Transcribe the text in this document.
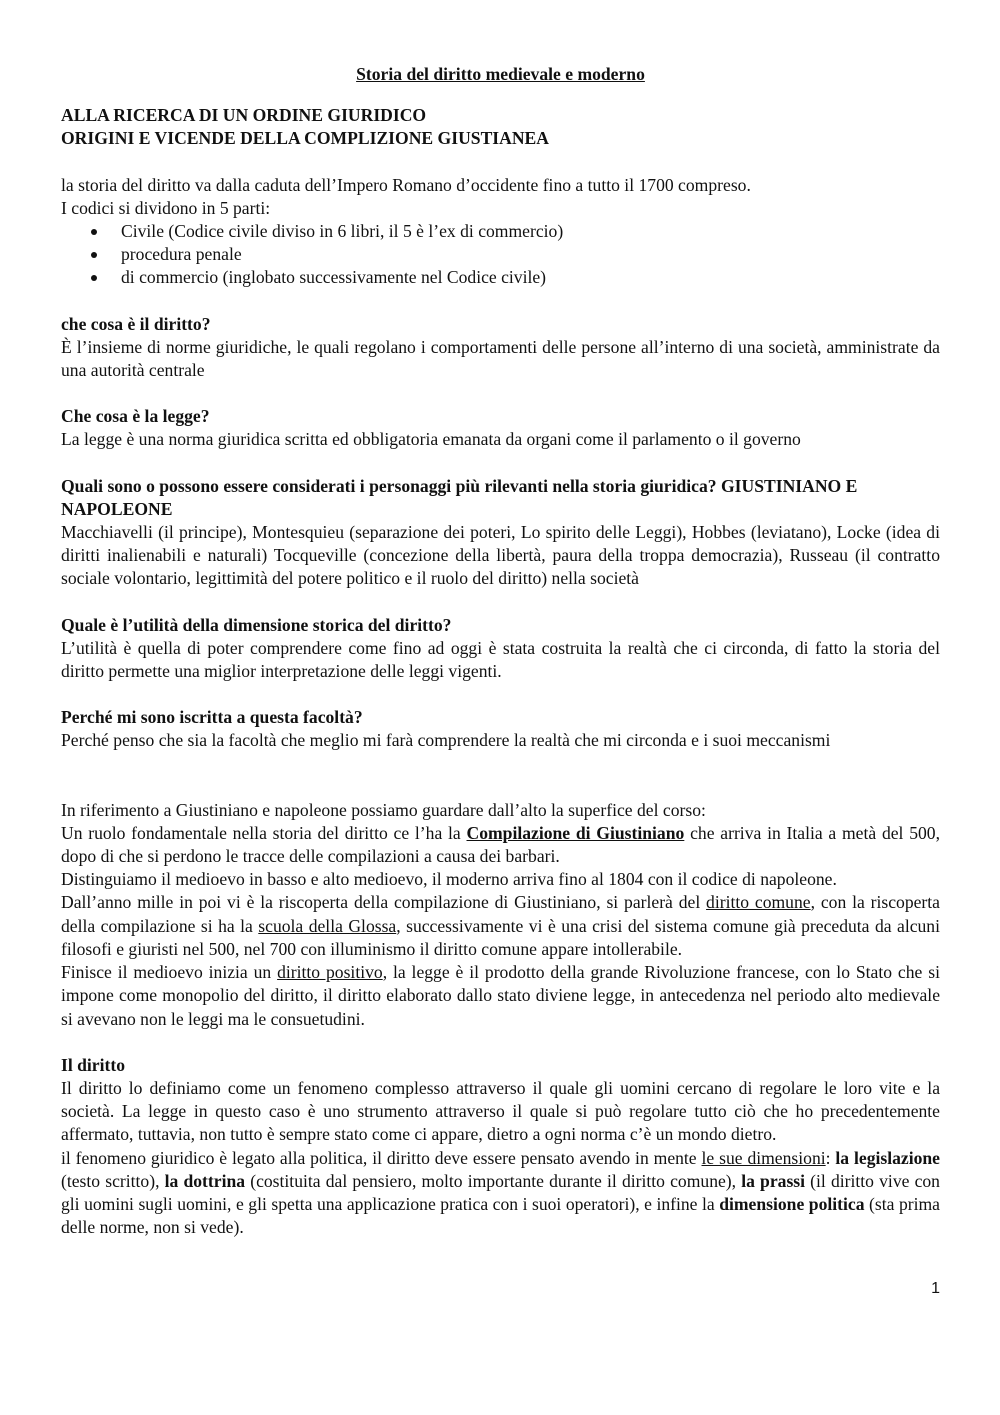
Storia del diritto medievale e moderno

ALLA RICERCA DI UN ORDINE GIURIDICO
ORIGINI E VICENDE DELLA COMPLIZIONE GIUSTIANEA

la storia del diritto va dalla caduta dell’Impero Romano d’occidente fino a tutto il 1700 compreso.

I codici si dividono in 5 parti:

Civile (Codice civile diviso in 6 libri, il 5 è l’ex di commercio)
procedura penale
di commercio (inglobato successivamente nel Codice civile)

che cosa è il diritto?

È l’insieme di norme giuridiche, le quali regolano i comportamenti delle persone all’interno di una società, amministrate da una autorità centrale

Che cosa è la legge?

La legge è una norma giuridica scritta ed obbligatoria emanata da organi come il parlamento o il governo

Quali sono o possono essere considerati i personaggi più rilevanti nella storia giuridica? GIUSTINIANO E NAPOLEONE

Macchiavelli (il principe), Montesquieu (separazione dei poteri, Lo spirito delle Leggi), Hobbes (leviatano), Locke (idea di diritti inalienabili e naturali) Tocqueville (concezione della libertà, paura della troppa democrazia), Russeau (il contratto sociale volontario, legittimità del potere politico e il ruolo del diritto) nella società

Quale è l’utilità della dimensione storica del diritto?

L’utilità è quella di poter comprendere come fino ad oggi è stata costruita la realtà che ci circonda, di fatto la storia del diritto permette una miglior interpretazione delle leggi vigenti.

Perché mi sono iscritta a questa facoltà?

Perché penso che sia la facoltà che meglio mi farà comprendere la realtà che mi circonda e i suoi meccanismi

In riferimento a Giustiniano e napoleone possiamo guardare dall’alto la superfice del corso:

Un ruolo fondamentale nella storia del diritto ce l’ha la Compilazione di Giustiniano che arriva in Italia a metà del 500, dopo di che si perdono le tracce delle compilazioni a causa dei barbari.

Distinguiamo il medioevo in basso e alto medioevo, il moderno arriva fino al 1804 con il codice di napoleone.

Dall’anno mille in poi vi è la riscoperta della compilazione di Giustiniano, si parlerà del diritto comune, con la riscoperta della compilazione si ha la scuola della Glossa, successivamente vi è una crisi del sistema comune già preceduta da alcuni filosofi e giuristi nel 500, nel 700 con illuminismo il diritto comune appare intollerabile.

Finisce il medioevo inizia un diritto positivo, la legge è il prodotto della grande Rivoluzione francese, con lo Stato che si impone come monopolio del diritto, il diritto elaborato dallo stato diviene legge, in antecedenza nel periodo alto medievale si avevano non le leggi ma le consuetudini.

Il diritto

Il diritto lo definiamo come un fenomeno complesso attraverso il quale gli uomini cercano di regolare le loro vite e la società. La legge in questo caso è uno strumento attraverso il quale si può regolare tutto ciò che ho precedentemente affermato, tuttavia, non tutto è sempre stato come ci appare, dietro a ogni norma c’è un mondo dietro.

il fenomeno giuridico è legato alla politica, il diritto deve essere pensato avendo in mente le sue dimensioni: la legislazione (testo scritto), la dottrina (costituita dal pensiero, molto importante durante il diritto comune), la prassi (il diritto vive con gli uomini sugli uomini, e gli spetta una applicazione pratica con i suoi operatori), e infine la dimensione politica (sta prima delle norme, non si vede).

1
